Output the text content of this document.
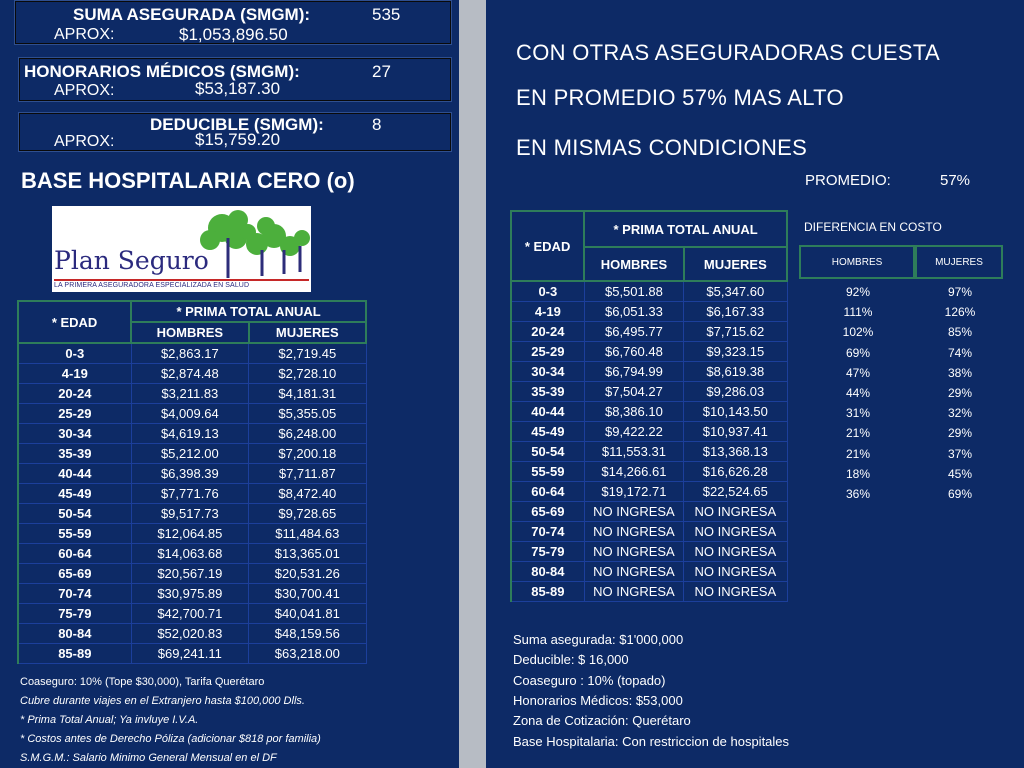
SUMA ASEGURADA (SMGM):	535
APROX:	$1,053,896.50
HONORARIOS MÉDICOS (SMGM):	27
APROX:	$53,187.30
DEDUCIBLE (SMGM):	8
APROX:	$15,759.20
BASE HOSPITALARIA CERO (o)
Plan Seguro
LA PRIMERA ASEGURADORA ESPECIALIZADA EN SALUD
CON OTRAS ASEGURADORAS CUESTA
EN PROMEDIO 57% MAS ALTO
EN MISMAS CONDICIONES
PROMEDIO:	57%
* EDAD	* PRIMA TOTAL ANUAL	
	HOMBRES	MUJERES
0-3	$2,863.17	$2,719.45
4-19	$2,874.48	$2,728.10
20-24	$3,211.83	$4,181.31
25-29	$4,009.64	$5,355.05
30-34	$4,619.13	$6,248.00
35-39	$5,212.00	$7,200.18
40-44	$6,398.39	$7,711.87
45-49	$7,771.76	$8,472.40
50-54	$9,517.73	$9,728.65
55-59	$12,064.85	$11,484.63
60-64	$14,063.68	$13,365.01
65-69	$20,567.19	$20,531.26
70-74	$30,975.89	$30,700.41
75-79	$42,700.71	$40,041.81
80-84	$52,020.83	$48,159.56
85-89	$69,241.11	$63,218.00
* EDAD	* PRIMA TOTAL ANUAL	
	HOMBRES	MUJERES
0-3	$5,501.88	$5,347.60
4-19	$6,051.33	$6,167.33
20-24	$6,495.77	$7,715.62
25-29	$6,760.48	$9,323.15
30-34	$6,794.99	$8,619.38
35-39	$7,504.27	$9,286.03
40-44	$8,386.10	$10,143.50
45-49	$9,422.22	$10,937.41
50-54	$11,553.31	$13,368.13
55-59	$14,266.61	$16,626.28
60-64	$19,172.71	$22,524.65
65-69	NO INGRESA	NO INGRESA
70-74	NO INGRESA	NO INGRESA
75-79	NO INGRESA	NO INGRESA
80-84	NO INGRESA	NO INGRESA
85-89	NO INGRESA	NO INGRESA
DIFERENCIA EN COSTO
HOMBRES	MUJERES
92%	97%
111%	126%
102%	85%
69%	74%
47%	38%
44%	29%
31%	32%
21%	29%
21%	37%
18%	45%
36%	69%
Coaseguro: 10% (Tope $30,000), Tarifa Querétaro
Cubre durante viajes en el Extranjero hasta $100,000 Dlls.
* Prima Total Anual; Ya invluye I.V.A.
* Costos antes de Derecho Póliza (adicionar $818 por familia)
S.M.G.M.: Salario Minimo General Mensual en el DF
Suma asegurada: $1'000,000
Deducible: $ 16,000
Coaseguro : 10% (topado)
Honorarios Médicos: $53,000
Zona de Cotización: Querétaro
Base Hospitalaria: Con restriccion de hospitales
